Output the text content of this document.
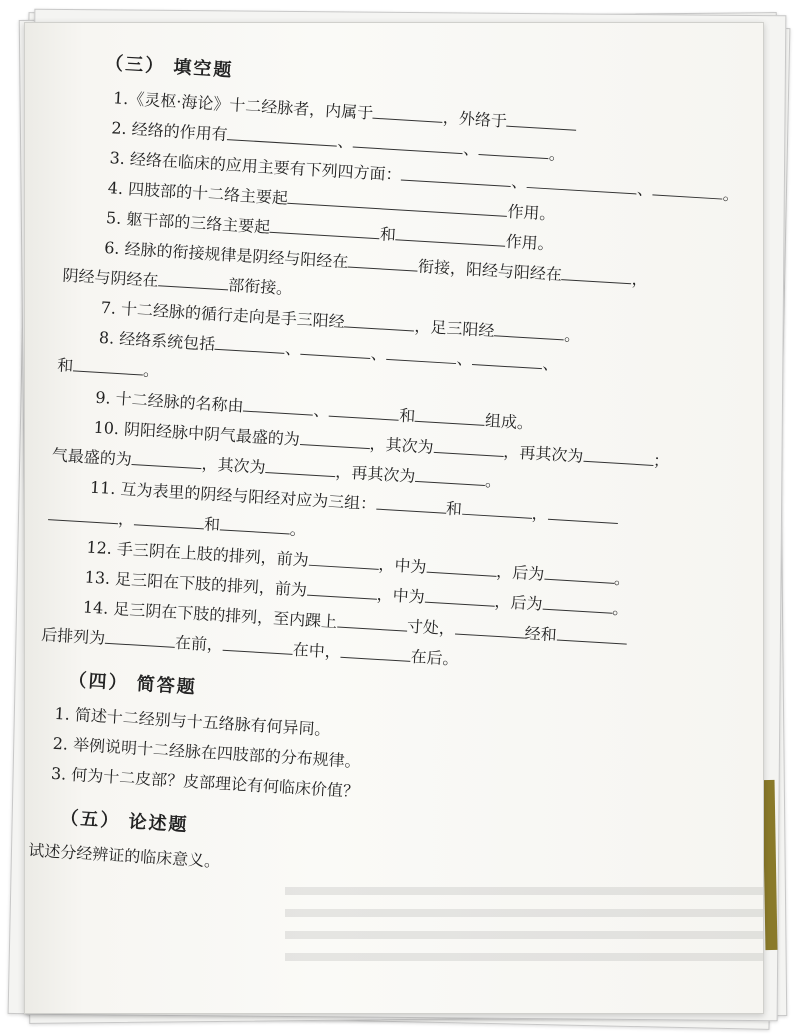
（三） 填空题
1.《灵枢·海论》十二经脉者，内属于	，外络于
2. 经络的作用有	、	、	。
3. 经络在临床的应用主要有下列四方面：	、	、	。
4. 四肢部的十二络主要起作用。
5. 躯干部的三络主要起	和	作用。
6. 经脉的衔接规律是阴经与阳经在	衔接，阳经与阳经在	，
阴经与阴经在	部衔接。
7. 十二经脉的循行走向是手三阳经	，足三阳经	。
8. 经络系统包括	、	、	、	、
和	。
9. 十二经脉的名称由	、	和	组成。
10. 阴阳经脉中阴气最盛的为	，其次为	，再其次为	；
气最盛的为	，其次为	，再其次为	。
11. 互为表里的阴经与阳经对应为三组：	和	，
，	和	。
12. 手三阴在上肢的排列，前为	，中为	，后为	。
13. 足三阳在下肢的排列，前为	，中为	，后为	。
14. 足三阴在下肢的排列，至内踝上	寸处，	经和
后排列为	在前，	在中，	在后。
（四） 简答题
1. 简述十二经别与十五络脉有何异同。
2. 举例说明十二经脉在四肢部的分布规律。
3. 何为十二皮部？皮部理论有何临床价值？
（五） 论述题
试述分经辨证的临床意义。
